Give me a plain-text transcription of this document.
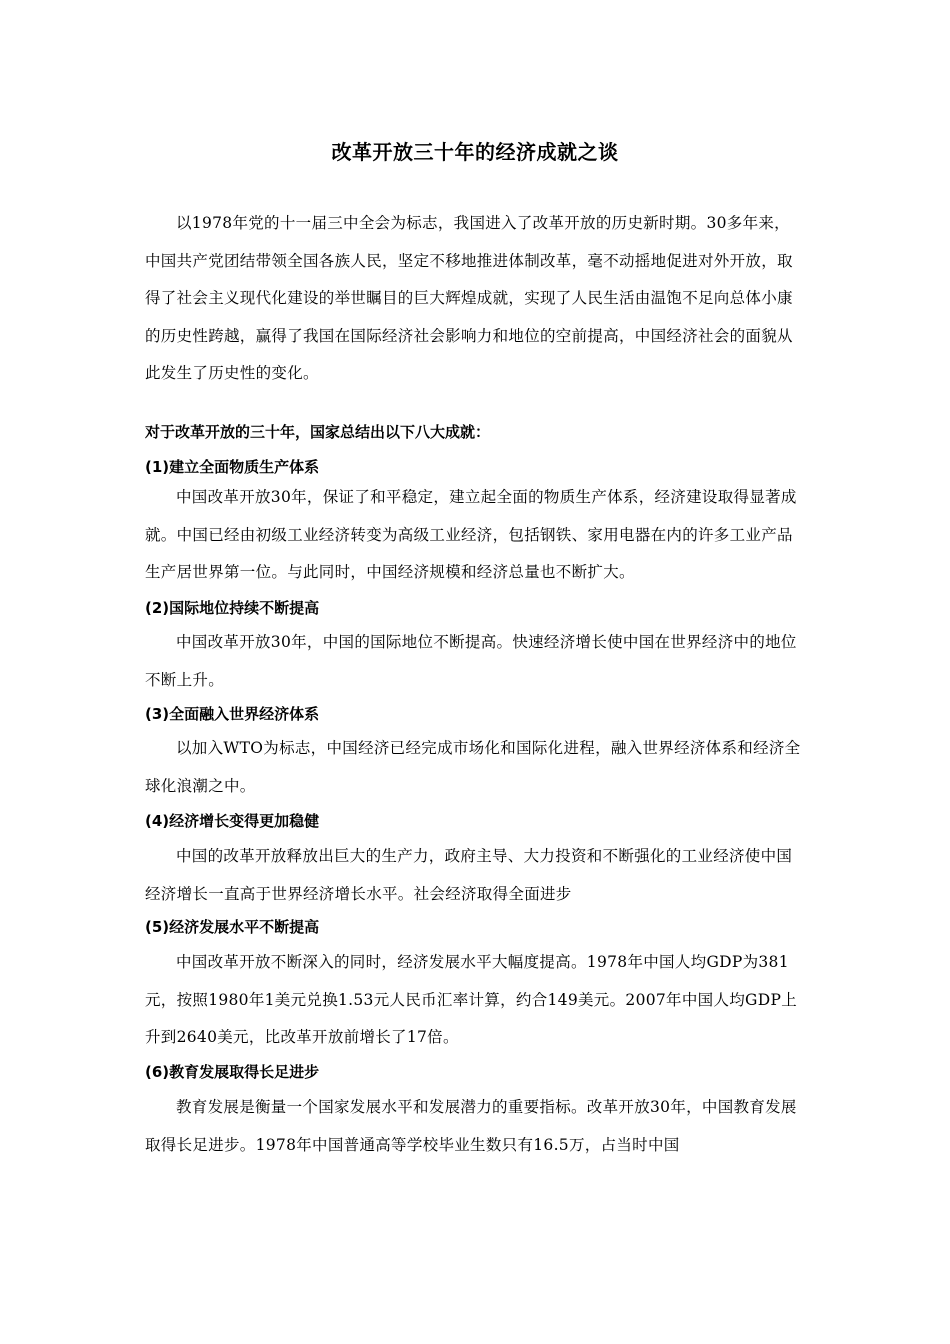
改革开放三十年的经济成就之谈
以1978年党的十一届三中全会为标志，我国进入了改革开放的历史新时期。30多年来，中国共产党团结带领全国各族人民，坚定不移地推进体制改革，毫不动摇地促进对外开放，取得了社会主义现代化建设的举世瞩目的巨大辉煌成就，实现了人民生活由温饱不足向总体小康的历史性跨越，赢得了我国在国际经济社会影响力和地位的空前提高，中国经济社会的面貌从此发生了历史性的变化。
对于改革开放的三十年，国家总结出以下八大成就：
(1)建立全面物质生产体系
中国改革开放30年，保证了和平稳定，建立起全面的物质生产体系，经济建设取得显著成就。中国已经由初级工业经济转变为高级工业经济，包括钢铁、家用电器在内的许多工业产品生产居世界第一位。与此同时，中国经济规模和经济总量也不断扩大。
(2)国际地位持续不断提高
中国改革开放30年，中国的国际地位不断提高。快速经济增长使中国在世界经济中的地位不断上升。
(3)全面融入世界经济体系
以加入WTO为标志，中国经济已经完成市场化和国际化进程，融入世界经济体系和经济全球化浪潮之中。
(4)经济增长变得更加稳健
中国的改革开放释放出巨大的生产力，政府主导、大力投资和不断强化的工业经济使中国经济增长一直高于世界经济增长水平。社会经济取得全面进步
(5)经济发展水平不断提高
中国改革开放不断深入的同时，经济发展水平大幅度提高。1978年中国人均GDP为381元，按照1980年1美元兑换1.53元人民币汇率计算，约合149美元。2007年中国人均GDP上升到2640美元，比改革开放前增长了17倍。
(6)教育发展取得长足进步
教育发展是衡量一个国家发展水平和发展潜力的重要指标。改革开放30年，中国教育发展取得长足进步。1978年中国普通高等学校毕业生数只有16.5万，占当时中国
